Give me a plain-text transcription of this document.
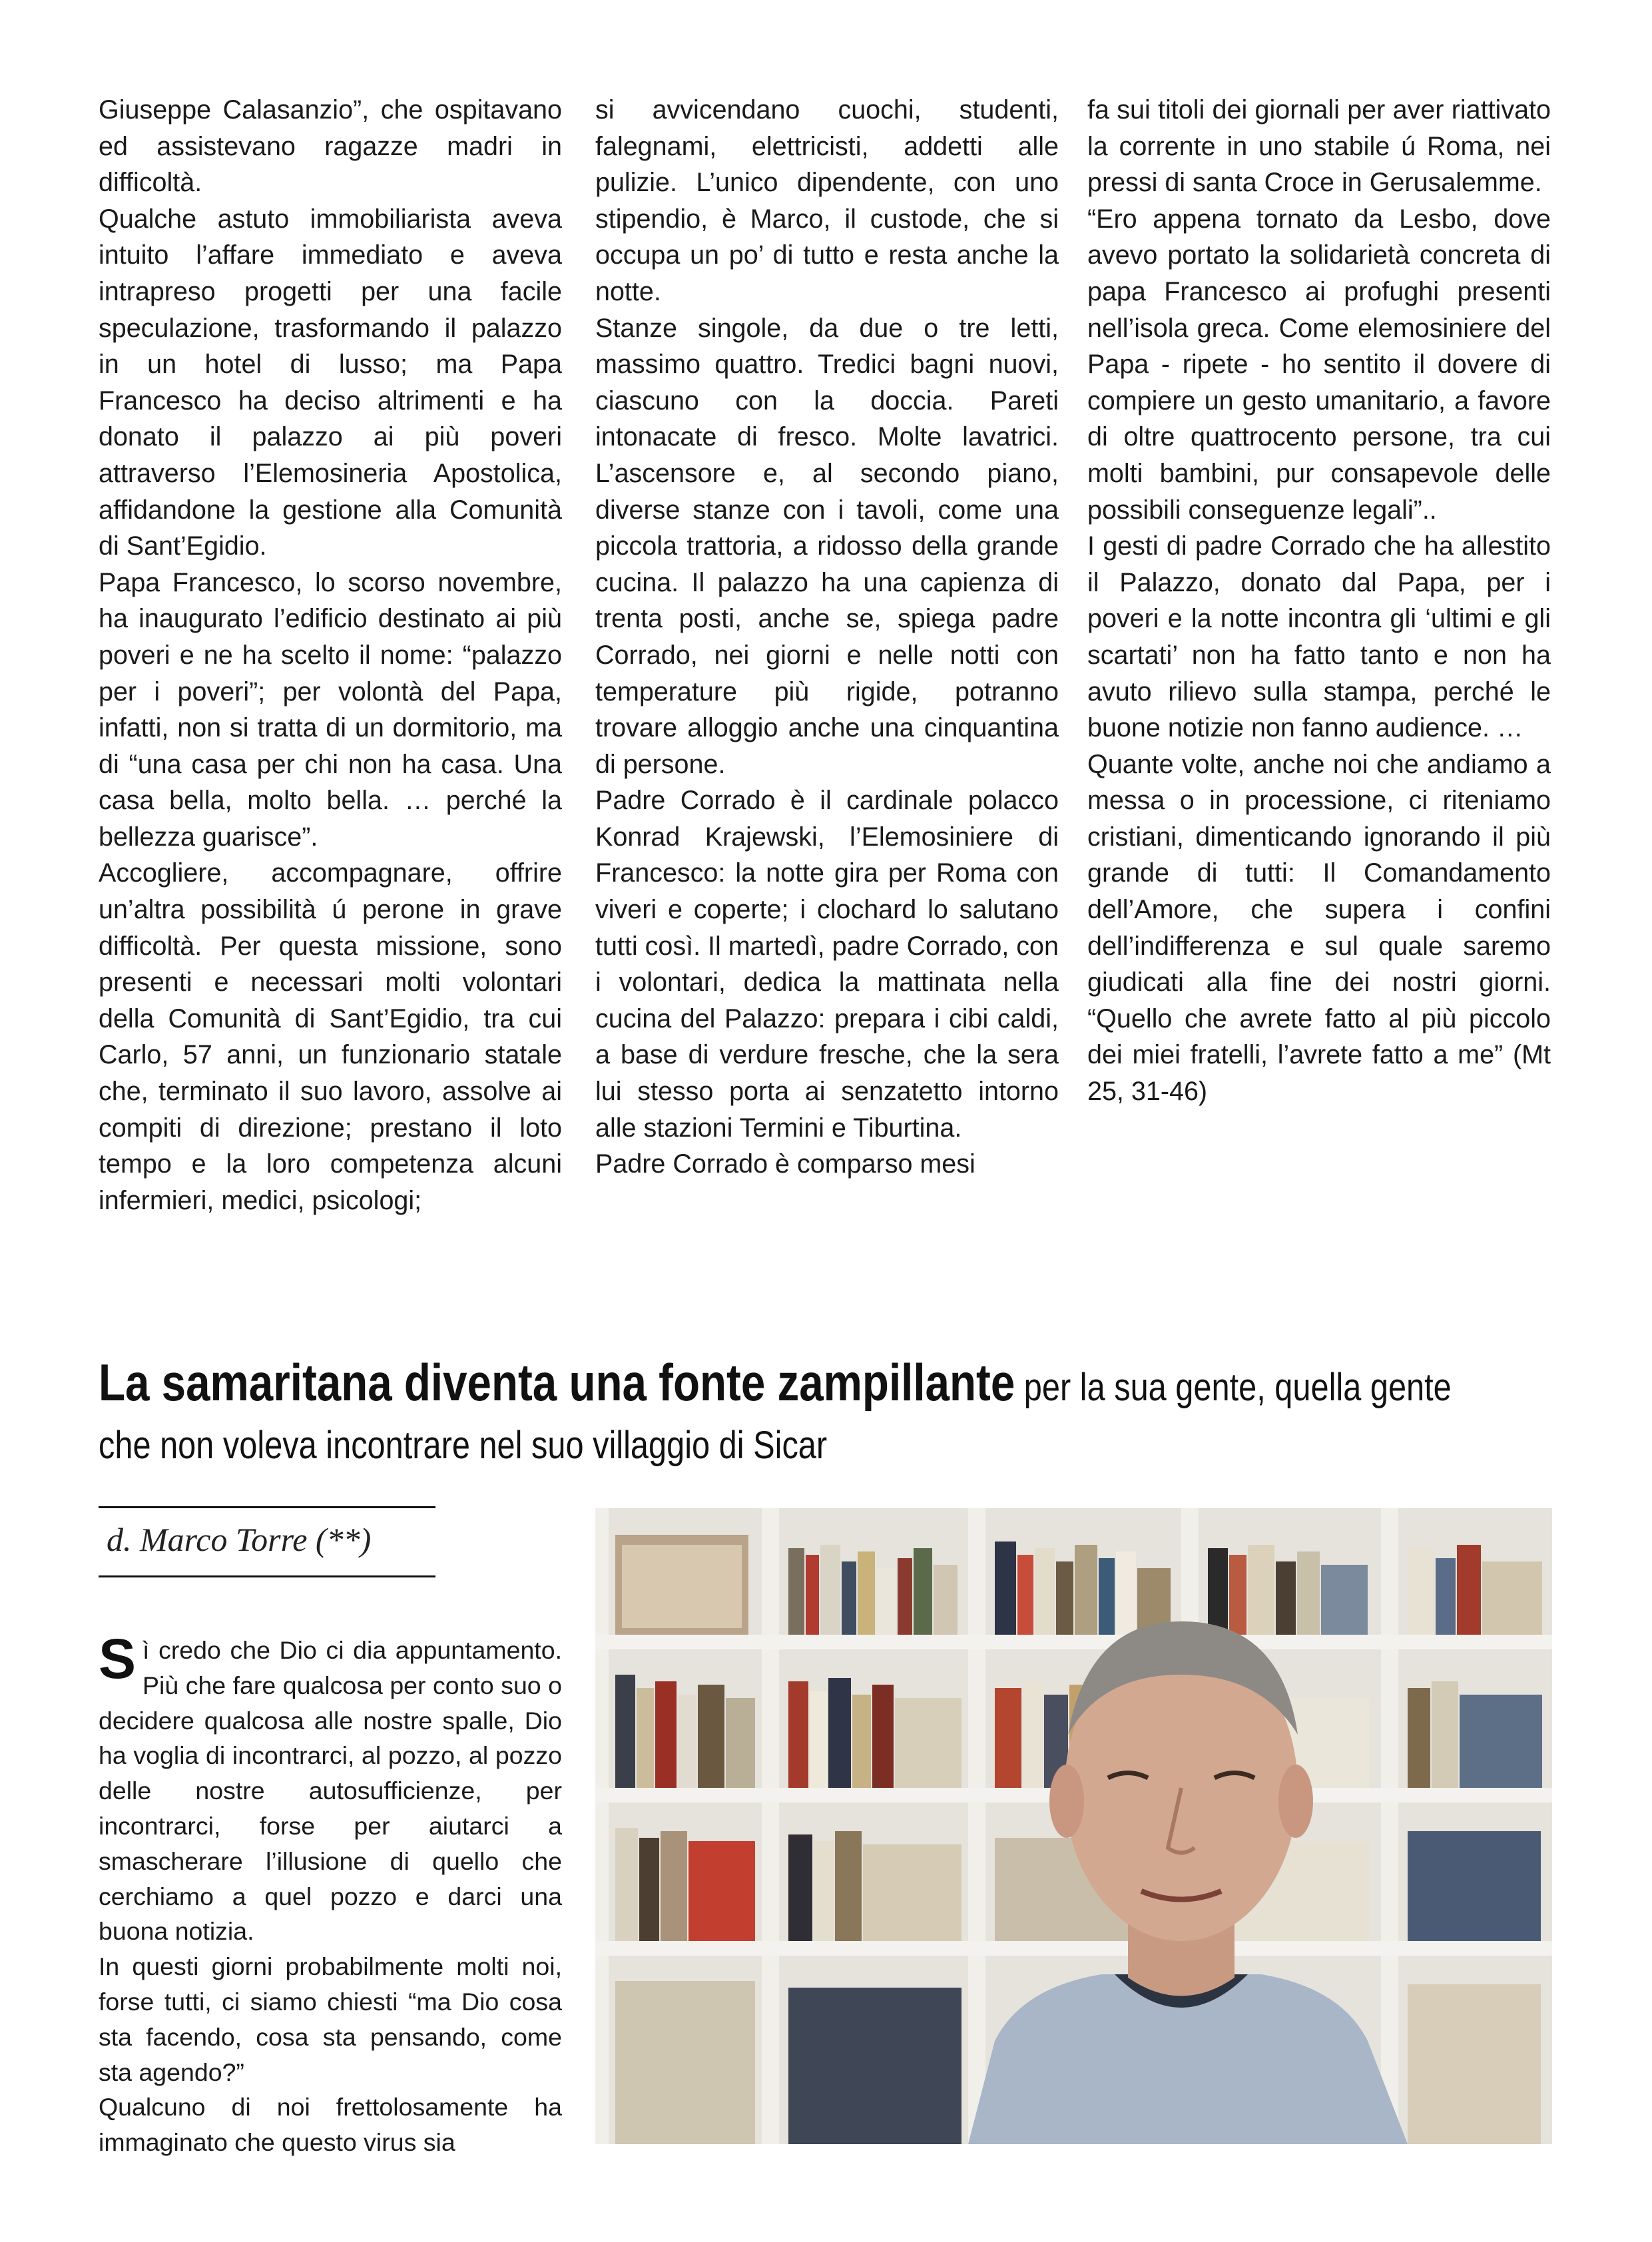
Giuseppe Calasanzio”, che ospitavano ed assistevano ragazze madri in difficoltà.

Qualche astuto immobiliarista aveva intuito l’affare immediato e aveva intrapreso progetti per una facile speculazione, trasformando il palazzo in un hotel di lusso; ma Papa Francesco ha deciso altrimenti e ha donato il palazzo ai più poveri attraverso l’Elemosineria Apostolica, affidandone la gestione alla Comunità di Sant’Egidio.

Papa Francesco, lo scorso novembre, ha inaugurato l’edificio destinato ai più poveri e ne ha scelto il nome: “palazzo per i poveri”; per volontà del Papa, infatti, non si tratta di un dormitorio, ma di “una casa per chi non ha casa. Una casa bella, molto bella. … perché la bellezza guarisce”.

Accogliere, accompagnare, offrire un’altra possibilità ú perone in grave difficoltà. Per questa missione, sono presenti e necessari molti volontari della Comunità di Sant’Egidio, tra cui Carlo, 57 anni, un funzionario statale che, terminato il suo lavoro, assolve ai compiti di direzione; prestano il loto tempo e la loro competenza alcuni infermieri, medici, psicologi;

si avvicendano cuochi, studenti, falegnami, elettricisti, addetti alle pulizie. L’unico dipendente, con uno stipendio, è Marco, il custode, che si occupa un po’ di tutto e resta anche la notte.

Stanze singole, da due o tre letti, massimo quattro. Tredici bagni nuovi, ciascuno con la doccia. Pareti intonacate di fresco. Molte lavatrici. L’ascensore e, al secondo piano, diverse stanze con i tavoli, come una piccola trattoria, a ridosso della grande cucina. Il palazzo ha una capienza di trenta posti, anche se, spiega padre Corrado, nei giorni e nelle notti con temperature più rigide, potranno trovare alloggio anche una cinquantina di persone.

Padre Corrado è il cardinale polacco Konrad Krajewski, l’Elemosiniere di Francesco: la notte gira per Roma con viveri e coperte; i clochard lo salutano tutti così. Il martedì, padre Corrado, con i volontari, dedica la mattinata nella cucina del Palazzo: prepara i cibi caldi, a base di verdure fresche, che la sera lui stesso porta ai senzatetto intorno alle stazioni Termini e Tiburtina.

Padre Corrado è comparso mesi

fa sui titoli dei giornali per aver riattivato la corrente in uno stabile ú Roma, nei pressi di santa Croce in Gerusalemme.

“Ero appena tornato da Lesbo, dove avevo portato la solidarietà concreta di papa Francesco ai profughi presenti nell’isola greca. Come elemosiniere del Papa - ripete - ho sentito il dovere di compiere un gesto umanitario, a favore di oltre quattrocento persone, tra cui molti bambini, pur consapevole delle possibili conseguenze legali”..

I gesti di padre Corrado che ha allestito il Palazzo, donato dal Papa, per i poveri e la notte incontra gli ‘ultimi e gli scartati’ non ha fatto tanto e non ha avuto rilievo sulla stampa, perché le buone notizie non fanno audience. …

Quante volte, anche noi che andiamo a messa o in processione, ci riteniamo cristiani, dimenticando ignorando il più grande di tutti: Il Comandamento dell’Amore, che supera i confini dell’indifferenza e sul quale saremo giudicati alla fine dei nostri giorni. “Quello che avrete fatto al più piccolo dei miei fratelli, l’avrete fatto a me” (Mt 25, 31-46)

La samaritana diventa una fonte zampillante per la sua gente, quella gente
che non voleva incontrare nel suo villaggio di Sicar
d. Marco Torre (**)

Sì credo che Dio ci dia appuntamento. Più che fare qualcosa per conto suo o decidere qualcosa alle nostre spalle, Dio ha voglia di incontrarci, al pozzo, al pozzo delle nostre autosufficienze, per incontrarci, forse per aiutarci a smascherare l’illusione di quello che cerchiamo a quel pozzo e darci una buona notizia.

In questi giorni probabilmente molti noi, forse tutti, ci siamo chiesti “ma Dio cosa sta facendo, cosa sta pensando, come sta agendo?”

Qualcuno di noi frettolosamente ha immaginato che questo virus sia
